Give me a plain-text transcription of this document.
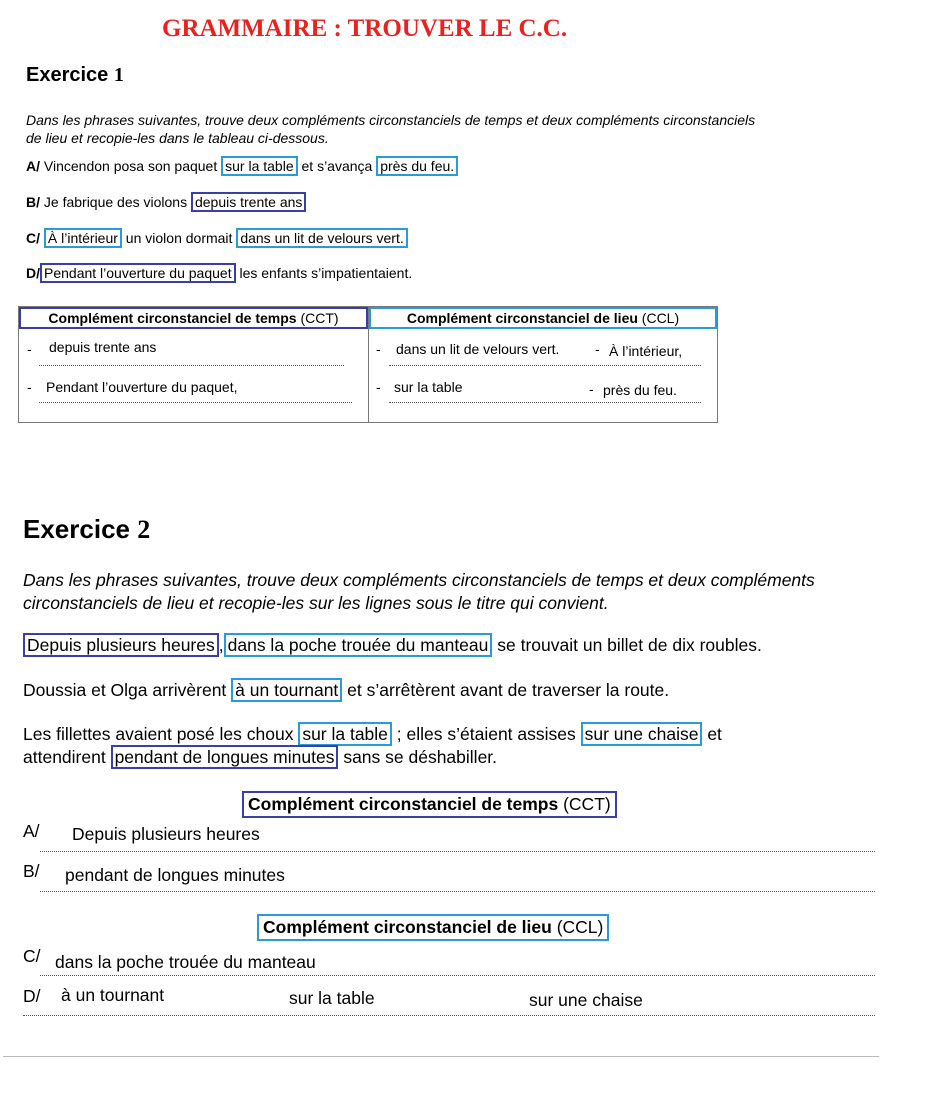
GRAMMAIRE : TROUVER LE C.C.
Exercice 1
Dans les phrases suivantes, trouve deux compléments circonstanciels de temps et deux compléments circonstanciels de lieu et recopie-les dans le tableau ci-dessous.
A/ Vincendon posa son paquet sur la table et s’avança près du feu.
B/ Je fabrique des violons depuis trente ans
C/ À l’intérieur un violon dormait dans un lit de velours vert.
D/ Pendant l’ouverture du paquet les enfants s’impatientaient.
Complément circonstanciel de temps (CCT)
- depuis trente ans
- Pendant l’ouverture du paquet,

Complément circonstanciel de lieu (CCL)
- dans un lit de velours vert.	- À l’intérieur,
- sur la table	- près du feu.
Exercice 2
Dans les phrases suivantes, trouve deux compléments circonstanciels de temps et deux compléments circonstanciels de lieu et recopie-les sur les lignes sous le titre qui convient.
Depuis plusieurs heures , dans la poche trouée du manteau se trouvait un billet de dix roubles.
Doussia et Olga arrivèrent à un tournant et s’arrêtèrent avant de traverser la route.
Les fillettes avaient posé les choux sur la table ; elles s’étaient assises sur une chaise et
attendirent pendant de longues minutes sans se déshabiller.
Complément circonstanciel de temps (CCT)
A/ Depuis plusieurs heures
B/ pendant de longues minutes
Complément circonstanciel de lieu (CCL)
C/ dans la poche trouée du manteau
D/ à un tournant	sur la table	sur une chaise
